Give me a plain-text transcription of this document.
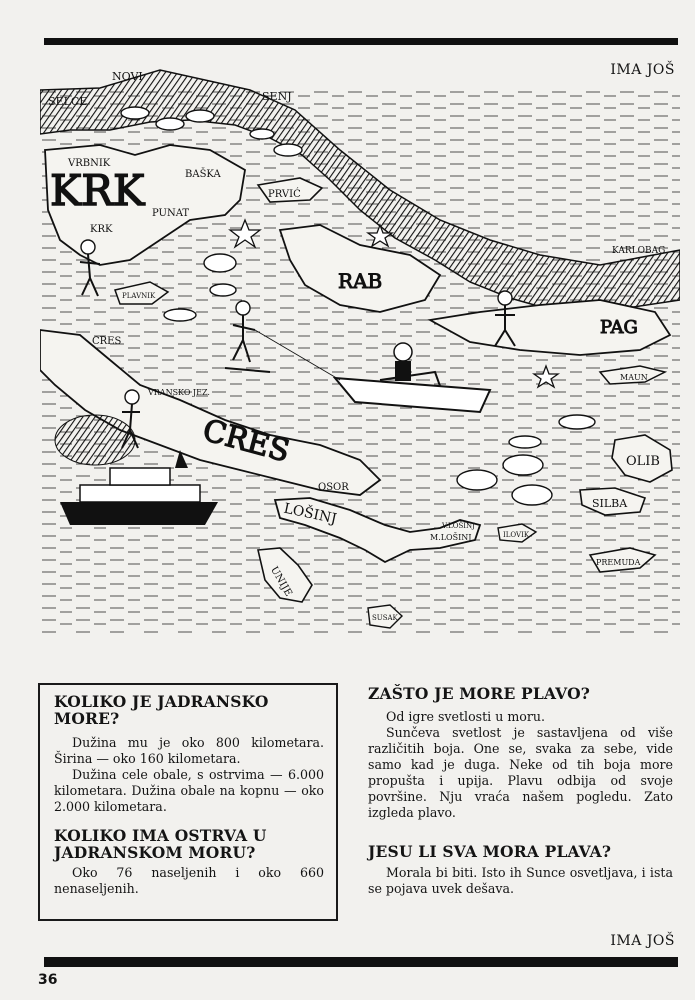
IMA JOŠ
NOVI
SENJ
SELCE
VRBNIK
KRK	BAŠKA
PUNAT
PRVIĆ
KRK
KARLOBAG
PLAVNIK
RAB
PAG
CRES
VRANSKO JEZ.
CRES
OSOR
MAUN
OLIB
SILBA
LOŠINJ	V.LOŠINJ
M.LOŠINJ	ILOVIK
PREMUDA
UNIJE
SUSAK
KOLIKO JE JADRANSKO MORE?

Dužina mu je oko 800 kilometara. Širina — oko 160 kilometara.

Dužina cele obale, s ostrvima — 6.000 kilometara. Dužina obale na kopnu — oko 2.000 kilometara.

KOLIKO IMA OSTRVA U JADRANSKOM MORU?

Oko 76 naseljenih i oko 660 nenaseljenih.

ZAŠTO JE MORE PLAVO?

Od igre svetlosti u moru.

Sunčeva svetlost je sastavljena od više različitih boja. One se, svaka za sebe, vide samo kad je duga. Neke od tih boja more propušta i upija. Plavu odbija od svoje površine. Nju vraća našem pogledu. Zato izgleda plavo.

JESU LI SVA MORA PLAVA?

Morala bi biti. Isto ih Sunce osvetljava, i ista se pojava uvek dešava.

IMA JOŠ
36
